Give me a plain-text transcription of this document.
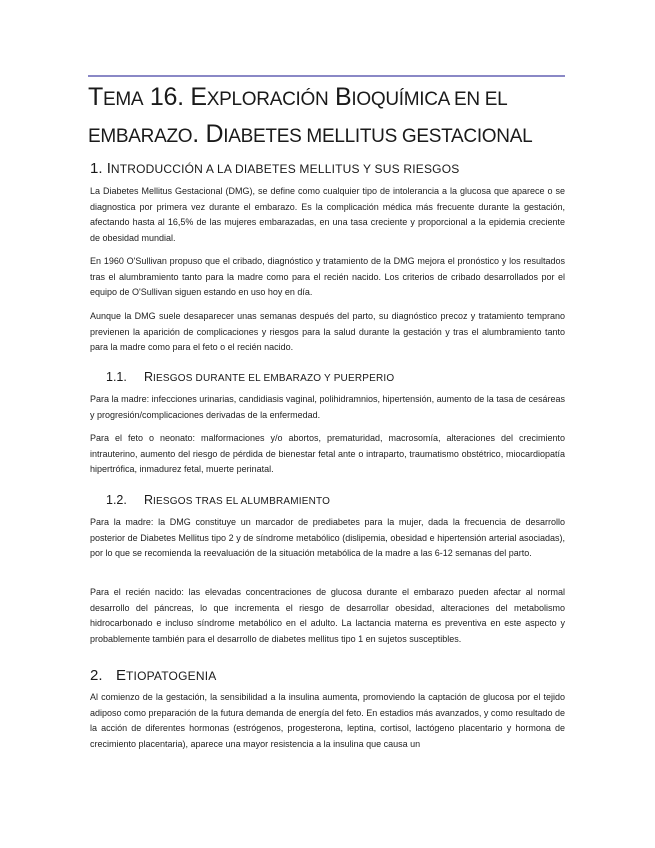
TEMA 16. EXPLORACIÓN BIOQUÍMICA EN EL EMBARAZO. DIABETES MELLITUS GESTACIONAL
1. INTRODUCCIÓN A LA DIABETES MELLITUS Y SUS RIESGOS

La Diabetes Mellitus Gestacional (DMG), se define como cualquier tipo de intolerancia a la glucosa que aparece o se diagnostica por primera vez durante el embarazo. Es la complicación médica más frecuente durante la gestación, afectando hasta al 16,5% de las mujeres embarazadas, en una tasa creciente y proporcional a la epidemia creciente de obesidad mundial.

En 1960 O'Sullivan propuso que el cribado, diagnóstico y tratamiento de la DMG mejora el pronóstico y los resultados tras el alumbramiento tanto para la madre como para el recién nacido. Los criterios de cribado desarrollados por el equipo de O'Sullivan siguen estando en uso hoy en día.

Aunque la DMG suele desaparecer unas semanas después del parto, su diagnóstico precoz y tratamiento temprano previenen la aparición de complicaciones y riesgos para la salud durante la gestación y tras el alumbramiento tanto para la madre como para el feto o el recién nacido.

1.1. RIESGOS DURANTE EL EMBARAZO Y PUERPERIO

Para la madre: infecciones urinarias, candidiasis vaginal, polihidramnios, hipertensión, aumento de la tasa de cesáreas y progresión/complicaciones derivadas de la enfermedad.

Para el feto o neonato: malformaciones y/o abortos, prematuridad, macrosomía, alteraciones del crecimiento intrauterino, aumento del riesgo de pérdida de bienestar fetal ante o intraparto, traumatismo obstétrico, miocardiopatía hipertrófica, inmadurez fetal, muerte perinatal.

1.2. RIESGOS TRAS EL ALUMBRAMIENTO

Para la madre: la DMG constituye un marcador de prediabetes para la mujer, dada la frecuencia de desarrollo posterior de Diabetes Mellitus tipo 2 y de síndrome metabólico (dislipemia, obesidad e hipertensión arterial asociadas), por lo que se recomienda la reevaluación de la situación metabólica de la madre a las 6-12 semanas del parto.

Para el recién nacido: las elevadas concentraciones de glucosa durante el embarazo pueden afectar al normal desarrollo del páncreas, lo que incrementa el riesgo de desarrollar obesidad, alteraciones del metabolismo hidrocarbonado e incluso síndrome metabólico en el adulto. La lactancia materna es preventiva en este aspecto y probablemente también para el desarrollo de diabetes mellitus tipo 1 en sujetos susceptibles.

2. ETIOPATOGENIA

Al comienzo de la gestación, la sensibilidad a la insulina aumenta, promoviendo la captación de glucosa por el tejido adiposo como preparación de la futura demanda de energía del feto. En estadios más avanzados, y como resultado de la acción de diferentes hormonas (estrógenos, progesterona, leptina, cortisol, lactógeno placentario y hormona de crecimiento placentaria), aparece una mayor resistencia a la insulina que causa un
